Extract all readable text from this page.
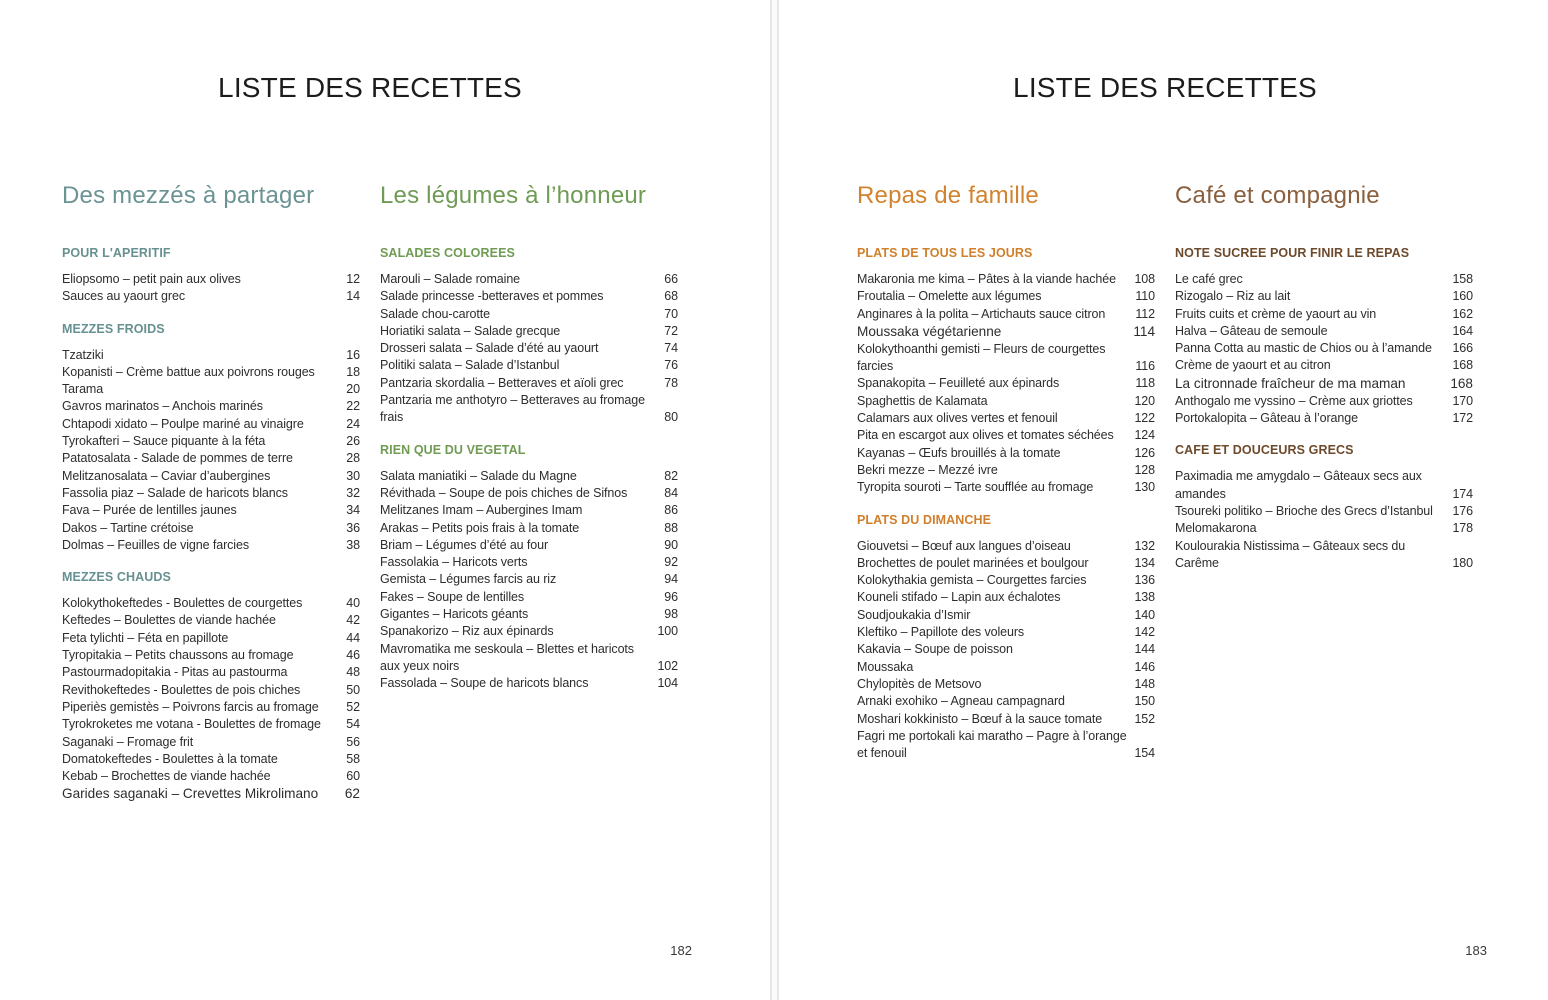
LISTE DES RECETTES
Des mezzés à partager
POUR L'APERITIF
Eliopsomo – petit pain aux olives	12
Sauces au yaourt grec	14
MEZZES FROIDS
Tzatziki	16
Kopanisti – Crème battue aux poivrons rouges	18
Tarama	20
Gavros marinatos – Anchois marinés	22
Chtapodi xidato – Poulpe mariné au vinaigre	24
Tyrokafteri – Sauce piquante à la féta	26
Patatosalata - Salade de pommes de terre	28
Melitzanosalata – Caviar d’aubergines	30
Fassolia piaz – Salade de haricots blancs	32
Fava – Purée de lentilles jaunes	34
Dakos – Tartine crétoise	36
Dolmas – Feuilles de vigne farcies	38
MEZZES CHAUDS
Kolokythokeftedes - Boulettes de courgettes	40
Keftedes – Boulettes de viande hachée	42
Feta tylichti – Féta en papillote	44
Tyropitakia – Petits chaussons au fromage	46
Pastourmadopitakia - Pitas au pastourma	48
Revithokeftedes - Boulettes de pois chiches	50
Piperiès gemistès – Poivrons farcis au fromage	52
Tyrokroketes me votana - Boulettes de fromage	54
Saganaki – Fromage frit	56
Domatokeftedes - Boulettes à la tomate	58
Kebab – Brochettes de viande hachée	60
Garides saganaki – Crevettes Mikrolimano	62
Les légumes à l’honneur
SALADES COLOREES
Marouli – Salade romaine	66
Salade princesse -betteraves et pommes	68
Salade chou-carotte	70
Horiatiki salata – Salade grecque	72
Drosseri salata – Salade d’été au yaourt	74
Politiki salata – Salade d’Istanbul	76
Pantzaria skordalia – Betteraves et aïoli grec	78
Pantzaria me anthotyro – Betteraves au fromage frais	80
RIEN QUE DU VEGETAL
Salata maniatiki – Salade du Magne	82
Révithada – Soupe de pois chiches de Sifnos	84
Melitzanes Imam – Aubergines Imam	86
Arakas – Petits pois frais à la tomate	88
Briam – Légumes d’été au four	90
Fassolakia – Haricots verts	92
Gemista – Légumes farcis au riz	94
Fakes – Soupe de lentilles	96
Gigantes – Haricots géants	98
Spanakorizo – Riz aux épinards	100
Mavromatika me seskoula – Blettes et haricots aux yeux noirs	102
Fassolada – Soupe de haricots blancs	104
182
LISTE DES RECETTES
Repas de famille
PLATS DE TOUS LES JOURS
Makaronia me kima – Pâtes à la viande hachée	108
Froutalia – Omelette aux légumes	110
Anginares à la polita – Artichauts sauce citron	112
Moussaka végétarienne	114
Kolokythoanthi gemisti – Fleurs de courgettes farcies	116
Spanakopita – Feuilleté aux épinards	118
Spaghettis de Kalamata	120
Calamars aux olives vertes et fenouil	122
Pita en escargot aux olives et tomates séchées	124
Kayanas – Œufs brouillés à la tomate	126
Bekri mezze – Mezzé ivre	128
Tyropita souroti – Tarte soufflée au fromage	130
PLATS DU DIMANCHE
Giouvetsi – Bœuf aux langues d’oiseau	132
Brochettes de poulet marinées et boulgour	134
Kolokythakia gemista – Courgettes farcies	136
Kouneli stifado – Lapin aux échalotes	138
Soudjoukakia d’Ismir	140
Kleftiko – Papillote des voleurs	142
Kakavia – Soupe de poisson	144
Moussaka	146
Chylopitès de Metsovo	148
Arnaki exohiko – Agneau campagnard	150
Moshari kokkinisto – Bœuf à la sauce tomate	152
Fagri me portokali kai maratho – Pagre à l’orange et fenouil	154
Café et compagnie
NOTE SUCREE POUR FINIR LE REPAS
Le café grec	158
Rizogalo – Riz au lait	160
Fruits cuits et crème de yaourt au vin	162
Halva – Gâteau de semoule	164
Panna Cotta au mastic de Chios ou à l’amande	166
Crème de yaourt et au citron	168
La citronnade fraîcheur de ma maman	168
Anthogalo me vyssino – Crème aux griottes	170
Portokalopita – Gâteau à l’orange	172
CAFE ET DOUCEURS GRECS
Paximadia me amygdalo – Gâteaux secs aux amandes	174
Tsoureki politiko – Brioche des Grecs d’Istanbul	176
Melomakarona	178
Koulourakia Nistissima – Gâteaux secs du Carême	180
183
